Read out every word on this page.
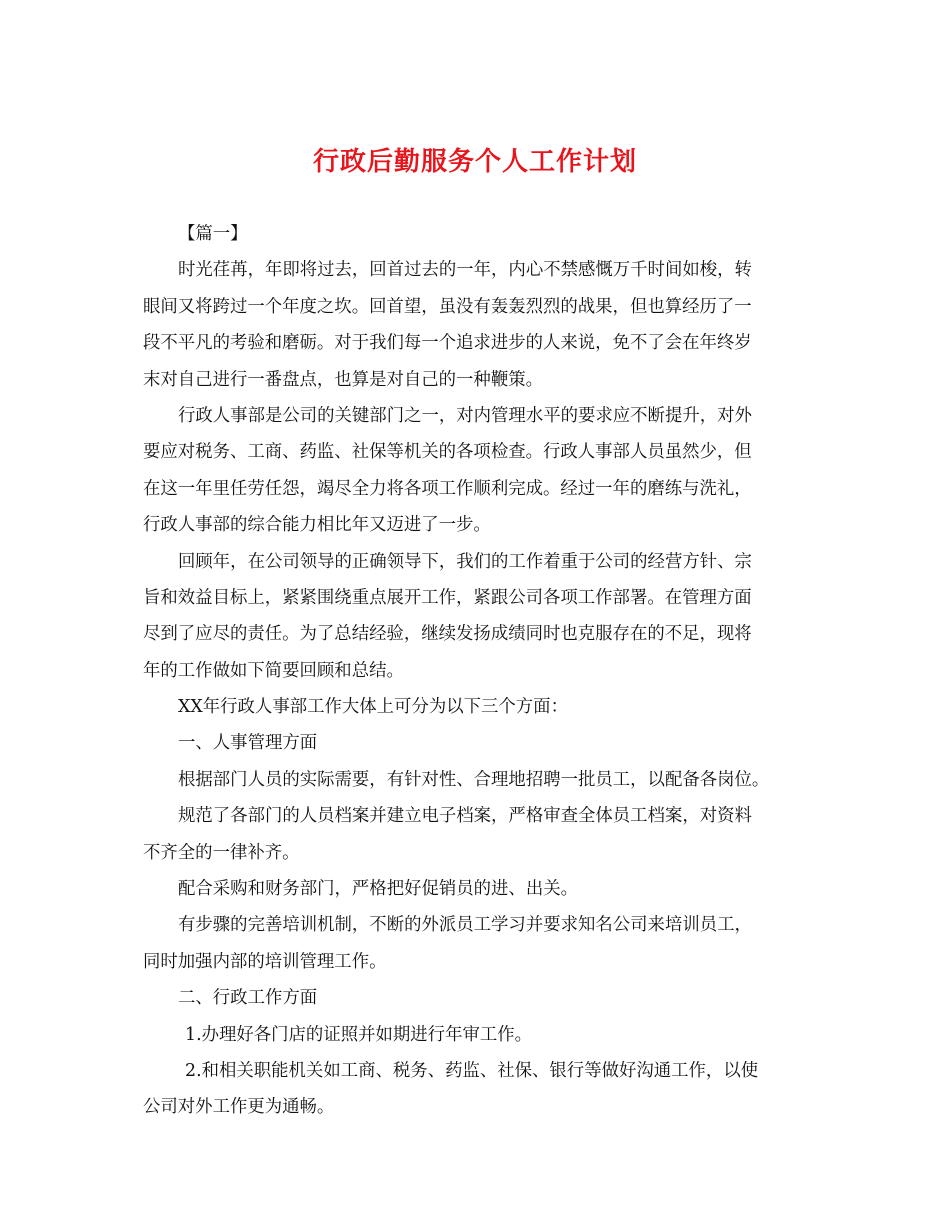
行政后勤服务个人工作计划
【篇一】
时光荏苒，年即将过去，回首过去的一年，内心不禁感慨万千时间如梭，转
眼间又将跨过一个年度之坎。回首望，虽没有轰轰烈烈的战果，但也算经历了一
段不平凡的考验和磨砺。对于我们每一个追求进步的人来说，免不了会在年终岁
末对自己进行一番盘点，也算是对自己的一种鞭策。
行政人事部是公司的关键部门之一，对内管理水平的要求应不断提升，对外
要应对税务、工商、药监、社保等机关的各项检查。行政人事部人员虽然少，但
在这一年里任劳任怨，竭尽全力将各项工作顺利完成。经过一年的磨练与洗礼，
行政人事部的综合能力相比年又迈进了一步。
回顾年，在公司领导的正确领导下，我们的工作着重于公司的经营方针、宗
旨和效益目标上，紧紧围绕重点展开工作，紧跟公司各项工作部署。在管理方面
尽到了应尽的责任。为了总结经验，继续发扬成绩同时也克服存在的不足，现将
年的工作做如下简要回顾和总结。
XX年行政人事部工作大体上可分为以下三个方面：
一、人事管理方面
根据部门人员的实际需要，有针对性、合理地招聘一批员工，以配备各岗位。
规范了各部门的人员档案并建立电子档案，严格审查全体员工档案，对资料
不齐全的一律补齐。
配合采购和财务部门，严格把好促销员的进、出关。
有步骤的完善培训机制，不断的外派员工学习并要求知名公司来培训员工，
同时加强内部的培训管理工作。
二、行政工作方面
1.办理好各门店的证照并如期进行年审工作。
2.和相关职能机关如工商、税务、药监、社保、银行等做好沟通工作，以使
公司对外工作更为通畅。
